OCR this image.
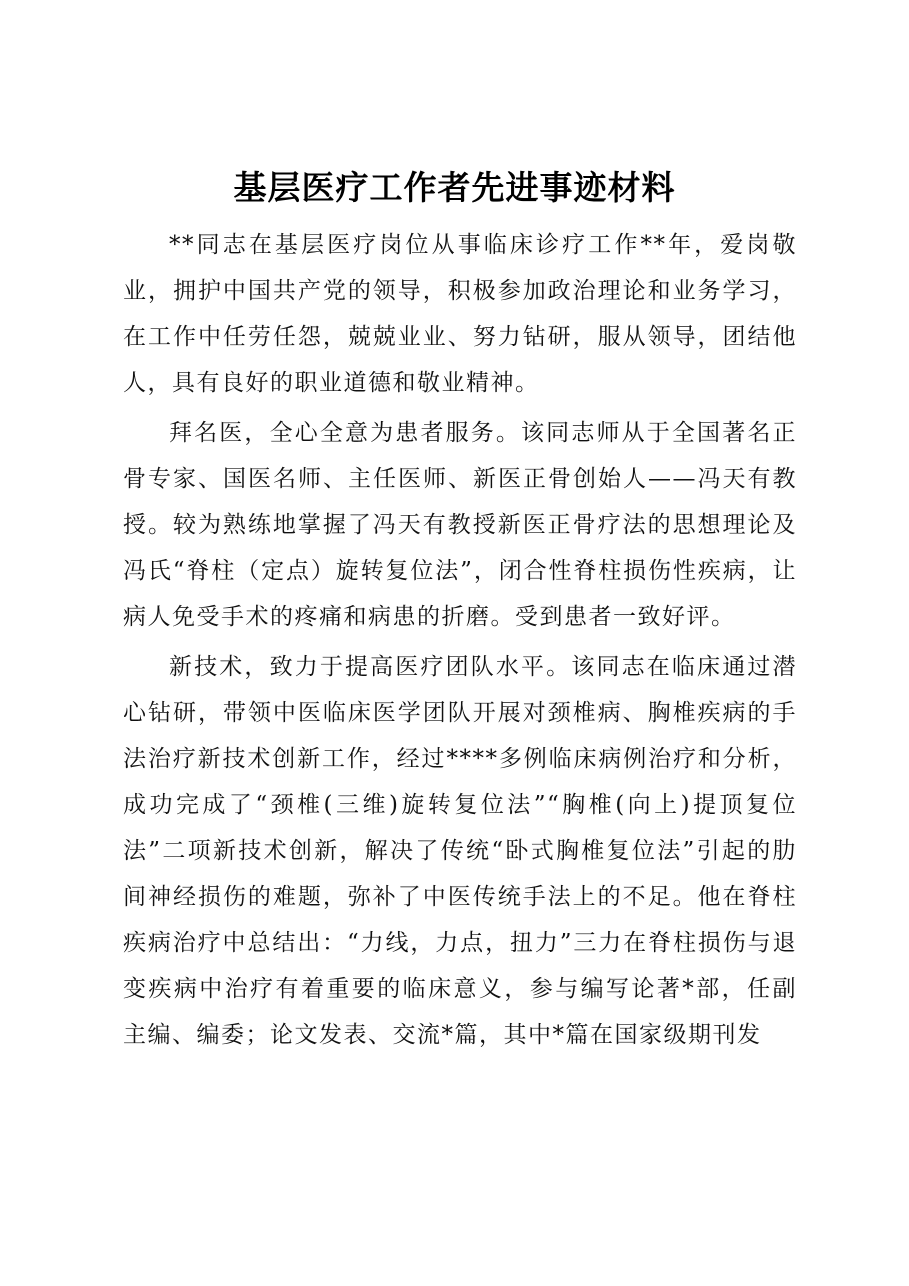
基层医疗工作者先进事迹材料

**同志在基层医疗岗位从事临床诊疗工作**年，爱岗敬业，拥护中国共产党的领导，积极参加政治理论和业务学习，在工作中任劳任怨，兢兢业业、努力钻研，服从领导，团结他人，具有良好的职业道德和敬业精神。

拜名医，全心全意为患者服务。该同志师从于全国著名正骨专家、国医名师、主任医师、新医正骨创始人——冯天有教授。较为熟练地掌握了冯天有教授新医正骨疗法的思想理论及冯氏“脊柱（定点）旋转复位法”，闭合性脊柱损伤性疾病，让病人免受手术的疼痛和病患的折磨。受到患者一致好评。

新技术，致力于提高医疗团队水平。该同志在临床通过潜心钻研，带领中医临床医学团队开展对颈椎病、胸椎疾病的手法治疗新技术创新工作，经过****多例临床病例治疗和分析，成功完成了“颈椎(三维)旋转复位法”“胸椎(向上)提顶复位法”二项新技术创新，解决了传统“卧式胸椎复位法”引起的肋间神经损伤的难题，弥补了中医传统手法上的不足。他在脊柱疾病治疗中总结出：“力线，力点，扭力”三力在脊柱损伤与退变疾病中治疗有着重要的临床意义，参与编写论著*部，任副主编、编委；论文发表、交流*篇，其中*篇在国家级期刊发
